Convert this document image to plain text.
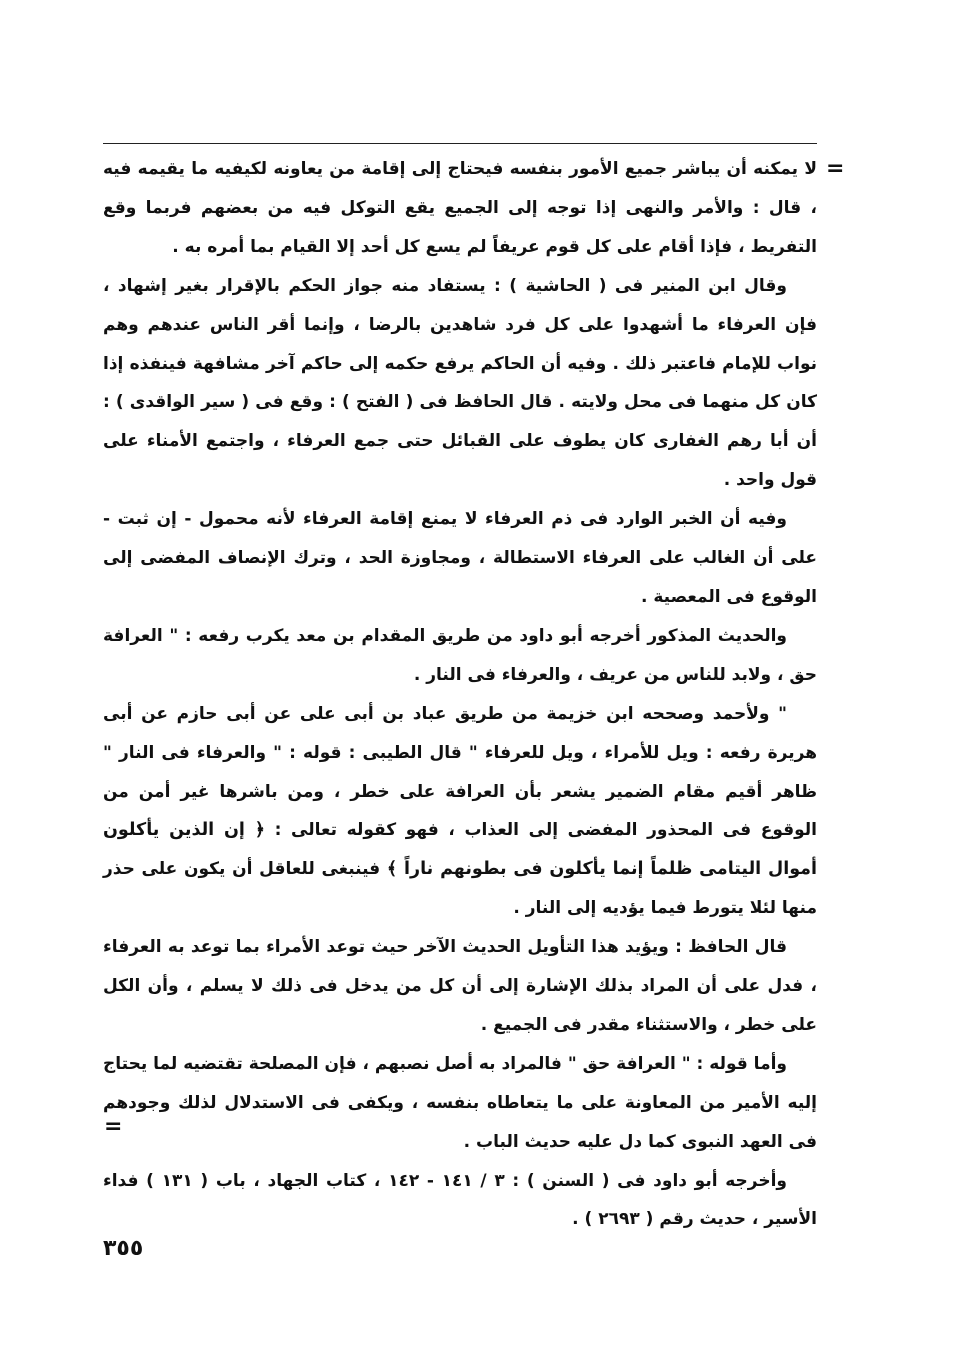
=

لا يمكنه أن يباشر جميع الأمور بنفسه فيحتاج إلى إقامة من يعاونه لكيفيه ما يقيمه فيه ، قال : والأمر والنهى إذا توجه إلى الجميع يقع التوكل فيه من بعضهم فربما وقع التفريط ، فإذا أقام على كل قوم عريفاً لم يسع كل أحد إلا القيام بما أمره به .

وقال ابن المنير فى ( الحاشية ) : يستفاد منه جواز الحكم بالإقرار بغير إشهاد ، فإن العرفاء ما أشهدوا على كل فرد شاهدين بالرضا ، وإنما أقر الناس عندهم وهم نواب للإمام فاعتبر ذلك . وفيه أن الحاكم يرفع حكمه إلى حاكم آخر مشافهة فينفذه إذا كان كل منهما فى محل ولايته . قال الحافظ فى ( الفتح ) : وقع فى ( سير الواقدى ) : أن أبا رهم الغفارى كان يطوف على القبائل حتى جمع العرفاء ، واجتمع الأمناء على قول واحد .

وفيه أن الخبر الوارد فى ذم العرفاء لا يمنع إقامة العرفاء لأنه محمول - إن ثبت - على أن الغالب على العرفاء الاستطالة ، ومجاوزة الحد ، وترك الإنصاف المفضى إلى الوقوع فى المعصية .

والحديث المذكور أخرجه أبو داود من طريق المقدام بن معد يكرب رفعه : " العرافة حق ، ولابد للناس من عريف ، والعرفاء فى النار .

" ولأحمد وصححه ابن خزيمة من طريق عباد بن أبى على عن أبى حازم عن أبى هريرة رفعه : ويل للأمراء ، ويل للعرفاء " قال الطيبى : قوله : " والعرفاء فى النار " ظاهر أقيم مقام الضمير يشعر بأن العرافة على خطر ، ومن باشرها غير أمن من الوقوع فى المحذور المفضى إلى العذاب ، فهو كقوله تعالى : ﴿ إن الذين يأكلون أموال اليتامى ظلماً إنما يأكلون فى بطونهم ناراً ﴾ فينبغى للعاقل أن يكون على حذر منها لئلا يتورط فيما يؤديه إلى النار .

قال الحافظ : ويؤيد هذا التأويل الحديث الآخر حيث توعد الأمراء بما توعد به العرفاء ، فدل على أن المراد بذلك الإشارة إلى أن كل من يدخل فى ذلك لا يسلم ، وأن الكل على خطر ، والاستثناء مقدر فى الجميع .

وأما قوله : " العرافة حق " فالمراد به أصل نصبهم ، فإن المصلحة تقتضيه لما يحتاج إليه الأمير من المعاونة على ما يتعاطاه بنفسه ، ويكفى فى الاستدلال لذلك وجودهم فى العهد النبوى كما دل عليه حديث الباب .

وأخرجه أبو داود فى ( السنن ) : ٣ / ١٤١ - ١٤٢ ، كتاب الجهاد ، باب ( ١٣١ ) فداء الأسير ، حديث رقم ( ٢٦٩٣ ) .

=
٣٥٥
